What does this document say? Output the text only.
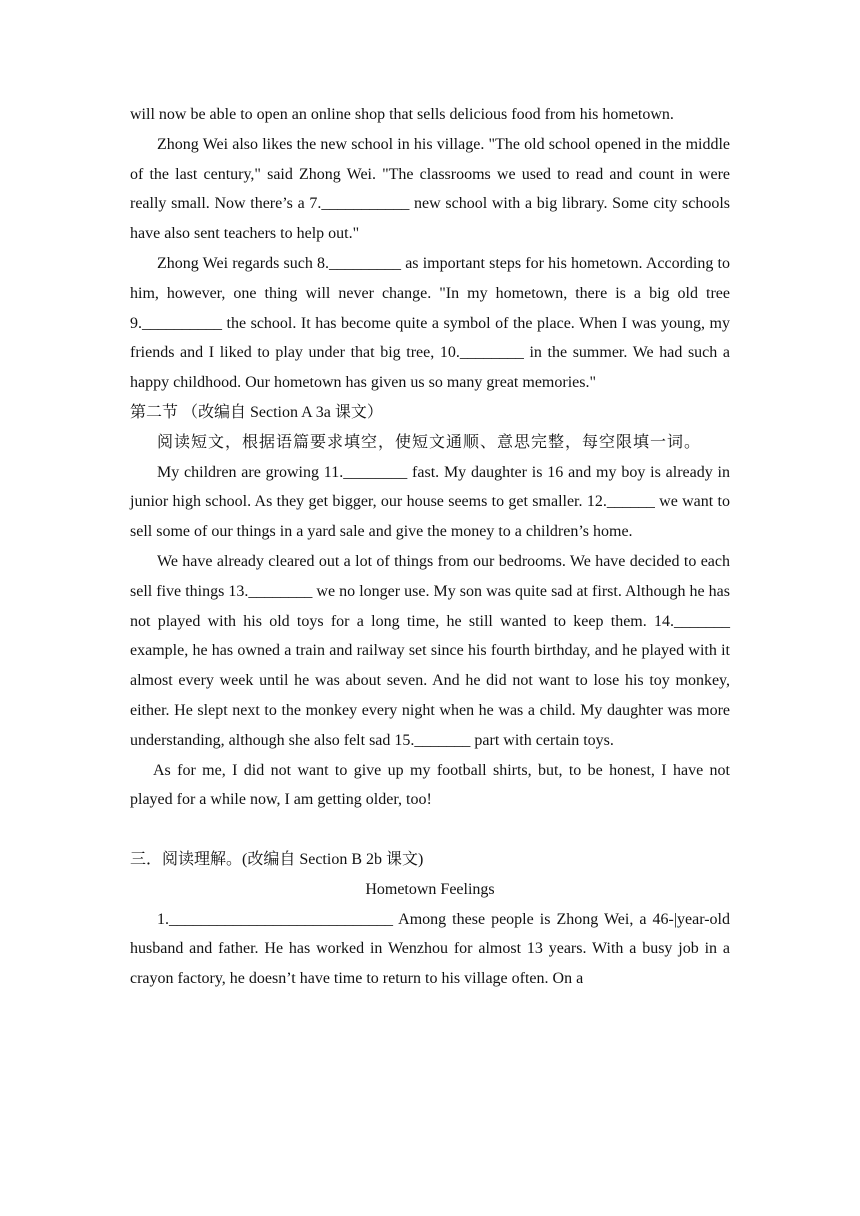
will now be able to open an online shop that sells delicious food from his hometown.

Zhong Wei also likes the new school in his village. "The old school opened in the middle of the last century," said Zhong Wei. "The classrooms we used to read and count in were really small. Now there’s a 7.___________ new school with a big library. Some city schools have also sent teachers to help out."

Zhong Wei regards such 8._________ as important steps for his hometown. According to him, however, one thing will never change. "In my hometown, there is a big old tree 9.__________ the school. It has become quite a symbol of the place. When I was young, my friends and I liked to play under that big tree, 10.________ in the summer. We had such a happy childhood. Our hometown has given us so many great memories."

第二节 （改编自 Section A 3a 课文）

阅读短文，根据语篇要求填空，使短文通顺、意思完整，每空限填一词。

My children are growing 11.________ fast. My daughter is 16 and my boy is already in junior high school. As they get bigger, our house seems to get smaller. 12.______ we want to sell some of our things in a yard sale and give the money to a children’s home.

We have already cleared out a lot of things from our bedrooms. We have decided to each sell five things 13.________ we no longer use. My son was quite sad at first. Although he has not played with his old toys for a long time, he still wanted to keep them. 14._______ example, he has owned a train and railway set since his fourth birthday, and he played with it almost every week until he was about seven. And he did not want to lose his toy monkey, either. He slept next to the monkey every night when he was a child. My daughter was more understanding, although she also felt sad 15._______ part with certain toys.

As for me, I did not want to give up my football shirts, but, to be honest, I have not played for a while now, I am getting older, too!

三．阅读理解。(改编自 Section B 2b 课文)

Hometown Feelings

1.____________________________ Among these people is Zhong Wei, a 46-|year-old husband and father. He has worked in Wenzhou for almost 13 years. With a busy job in a crayon factory, he doesn’t have time to return to his village often. On a
